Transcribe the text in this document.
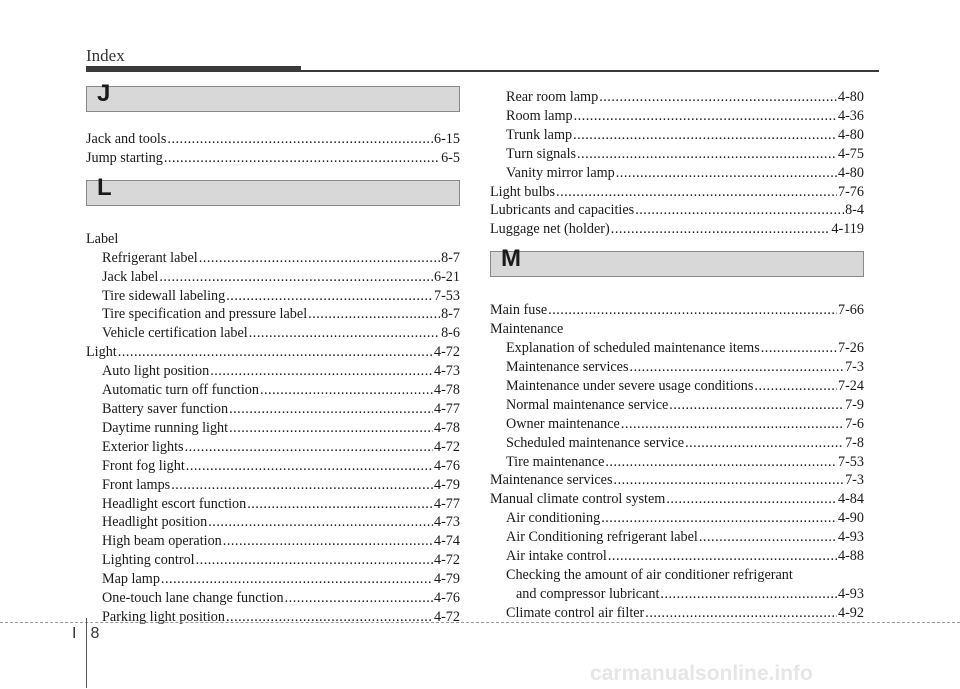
Index
J
Jack and tools .....	6-15
Jump starting .....	6-5
L
Label
Refrigerant label .....	8-7
Jack label .....	6-21
Tire sidewall labeling .....	7-53
Tire specification and pressure label .....	8-7
Vehicle certification label .....	8-6
Light .....	4-72
Auto light position .....	4-73
Automatic turn off function .....	4-78
Battery saver function .....	4-77
Daytime running light .....	4-78
Exterior lights .....	4-72
Front fog light .....	4-76
Front lamps .....	4-79
Headlight escort function .....	4-77
Headlight position .....	4-73
High beam operation .....	4-74
Lighting control .....	4-72
Map lamp .....	4-79
One-touch lane change function .....	4-76
Parking light position .....	4-72
Rear room lamp .....	4-80
Room lamp .....	4-36
Trunk lamp .....	4-80
Turn signals .....	4-75
Vanity mirror lamp .....	4-80
Light bulbs .....	7-76
Lubricants and capacities .....	8-4
Luggage net (holder) .....	4-119
M
Main fuse .....	7-66
Maintenance
Explanation of scheduled maintenance items .....	7-26
Maintenance services .....	7-3
Maintenance under severe usage conditions .....	7-24
Normal maintenance service .....	7-9
Owner maintenance .....	7-6
Scheduled maintenance service .....	7-8
Tire maintenance .....	7-53
Maintenance services .....	7-3
Manual climate control system .....	4-84
Air conditioning .....	4-90
Air Conditioning refrigerant label .....	4-93
Air intake control .....	4-88
Checking the amount of air conditioner refrigerant
and compressor lubricant .....	4-93
Climate control air filter .....	4-92
I 8
carmanualsonline.info
